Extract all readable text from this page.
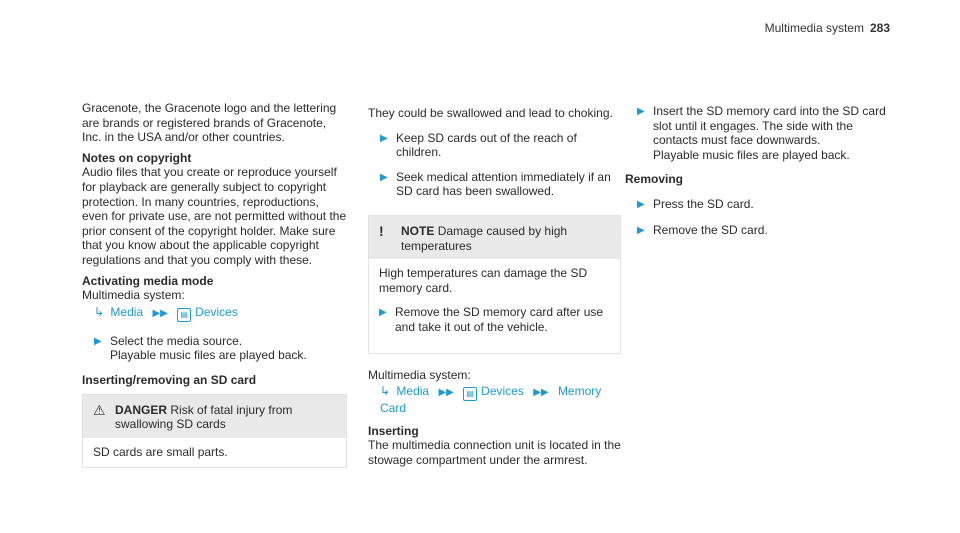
Multimedia system 283

Gracenote, the Gracenote logo and the lettering are brands or registered brands of Gracenote, Inc. in the USA and/or other countries.

Notes on copyright

Audio files that you create or reproduce yourself for playback are generally subject to copyright protection. In many countries, reproductions, even for private use, are not permitted without the prior consent of the copyright holder. Make sure that you know about the applicable copyright regulations and that you comply with these.

Activating media mode
Multimedia system:
↳ Media ▶▶ ▤ Devices
▶ Select the media source.
Playable music files are played back.
Inserting/removing an SD card
⚠ DANGER Risk of fatal injury from swallowing SD cards
SD cards are small parts.

They could be swallowed and lead to choking.

▶ Keep SD cards out of the reach of children.
▶ Seek medical attention immediately if an SD card has been swallowed.
!	NOTE Damage caused by high temperatures
High temperatures can damage the SD memory card.
▶ Remove the SD memory card after use and take it out of the vehicle.
Multimedia system:
↳ Media ▶▶ ▤ Devices ▶▶ Memory Card
Inserting

The multimedia connection unit is located in the stowage compartment under the armrest.

▶ Insert the SD memory card into the SD card slot until it engages. The side with the contacts must face downwards.
Playable music files are played back.
Removing
▶ Press the SD card.
▶ Remove the SD card.
